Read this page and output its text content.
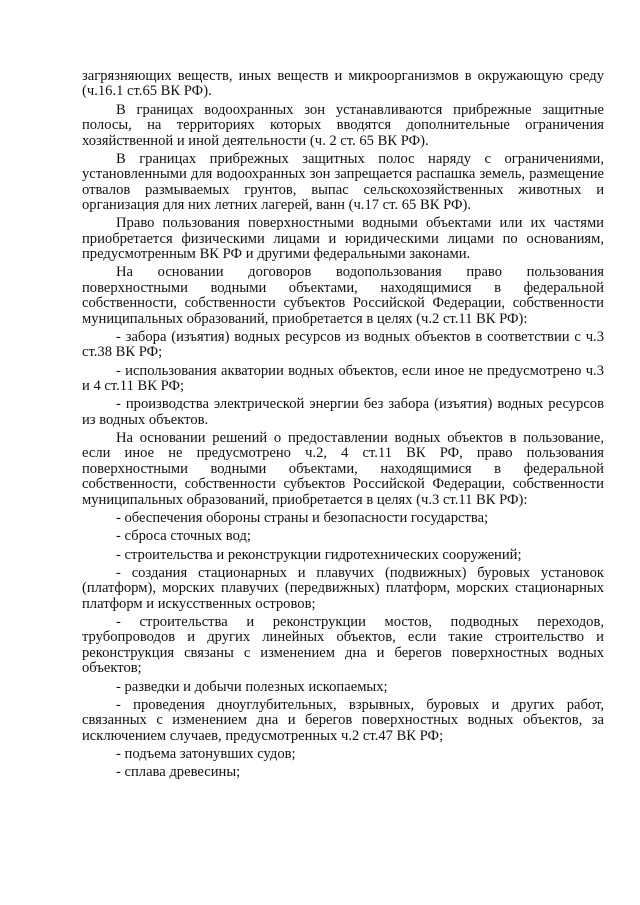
загрязняющих веществ, иных веществ и микроорганизмов в окружающую среду (ч.16.1 ст.65 ВК РФ).

В границах водоохранных зон устанавливаются прибрежные защитные полосы, на территориях которых вводятся дополнительные ограничения хозяйственной и иной деятельности (ч. 2 ст. 65 ВК РФ).

В границах прибрежных защитных полос наряду с ограничениями, установленными для водоохранных зон запрещается распашка земель, размещение отвалов размываемых грунтов, выпас сельскохозяйственных животных и организация для них летних лагерей, ванн (ч.17 ст. 65 ВК РФ).

Право пользования поверхностными водными объектами или их частями приобретается физическими лицами и юридическими лицами по основаниям, предусмотренным ВК РФ и другими федеральными законами.

На основании договоров водопользования право пользования поверхностными водными объектами, находящимися в федеральной собственности, собственности субъектов Российской Федерации, собственности муниципальных образований, приобретается в целях (ч.2 ст.11 ВК РФ):

- забора (изъятия) водных ресурсов из водных объектов в соответствии с ч.3 ст.38 ВК РФ;

- использования акватории водных объектов, если иное не предусмотрено ч.3 и 4 ст.11 ВК РФ;

- производства электрической энергии без забора (изъятия) водных ресурсов из водных объектов.

На основании решений о предоставлении водных объектов в пользование, если иное не предусмотрено ч.2, 4 ст.11 ВК РФ, право пользования поверхностными водными объектами, находящимися в федеральной собственности, собственности субъектов Российской Федерации, собственности муниципальных образований, приобретается в целях (ч.3 ст.11 ВК РФ):

- обеспечения обороны страны и безопасности государства;

- сброса сточных вод;

- строительства и реконструкции гидротехнических сооружений;

- создания стационарных и плавучих (подвижных) буровых установок (платформ), морских плавучих (передвижных) платформ, морских стационарных платформ и искусственных островов;

- строительства и реконструкции мостов, подводных переходов, трубопроводов и других линейных объектов, если такие строительство и реконструкция связаны с изменением дна и берегов поверхностных водных объектов;

- разведки и добычи полезных ископаемых;

- проведения дноуглубительных, взрывных, буровых и других работ, связанных с изменением дна и берегов поверхностных водных объектов, за исключением случаев, предусмотренных ч.2 ст.47 ВК РФ;

- подъема затонувших судов;

- сплава древесины;
